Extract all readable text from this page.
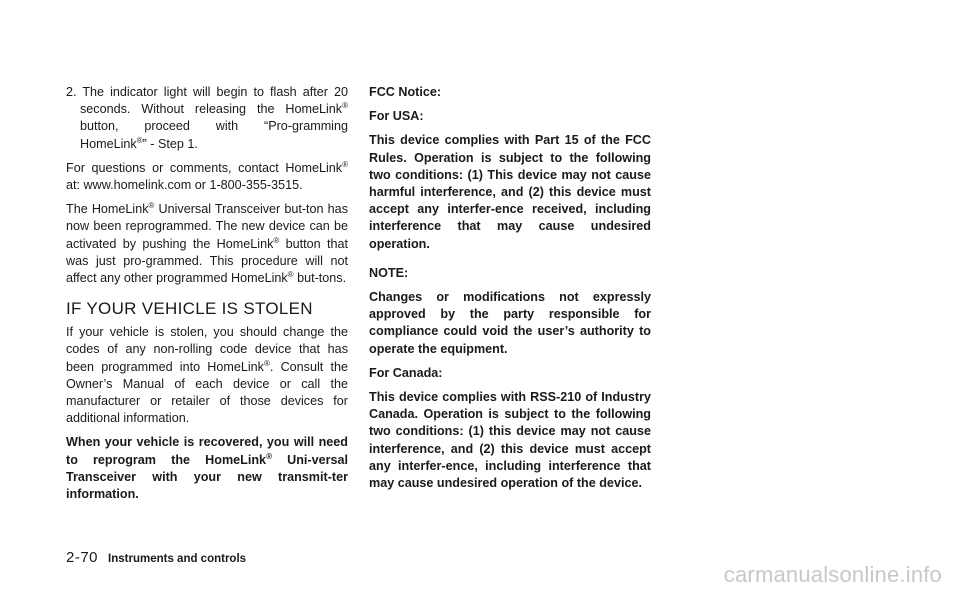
2. The indicator light will begin to flash after 20 seconds. Without releasing the HomeLink® button, proceed with “Pro-gramming HomeLink®” - Step 1.

For questions or comments, contact HomeLink® at: www.homelink.com or 1-800-355-3515.

The HomeLink® Universal Transceiver but-ton has now been reprogrammed. The new device can be activated by pushing the HomeLink® button that was just pro-grammed. This procedure will not affect any other programmed HomeLink® but-tons.

IF YOUR VEHICLE IS STOLEN

If your vehicle is stolen, you should change the codes of any non-rolling code device that has been programmed into HomeLink®. Consult the Owner’s Manual of each device or call the manufacturer or retailer of those devices for additional information.

When your vehicle is recovered, you will need to reprogram the HomeLink® Uni-versal Transceiver with your new transmit-ter information.

FCC Notice:

For USA:

This device complies with Part 15 of the FCC Rules. Operation is subject to the following two conditions: (1) This device may not cause harmful interference, and (2) this device must accept any interfer-ence received, including interference that may cause undesired operation.

NOTE:

Changes or modifications not expressly approved by the party responsible for compliance could void the user’s authority to operate the equipment.

For Canada:

This device complies with RSS-210 of Industry Canada. Operation is subject to the following two conditions: (1) this device may not cause interference, and (2) this device must accept any interfer-ence, including interference that may cause undesired operation of the device.

2-70 Instruments and controls
carmanualsonline.info
